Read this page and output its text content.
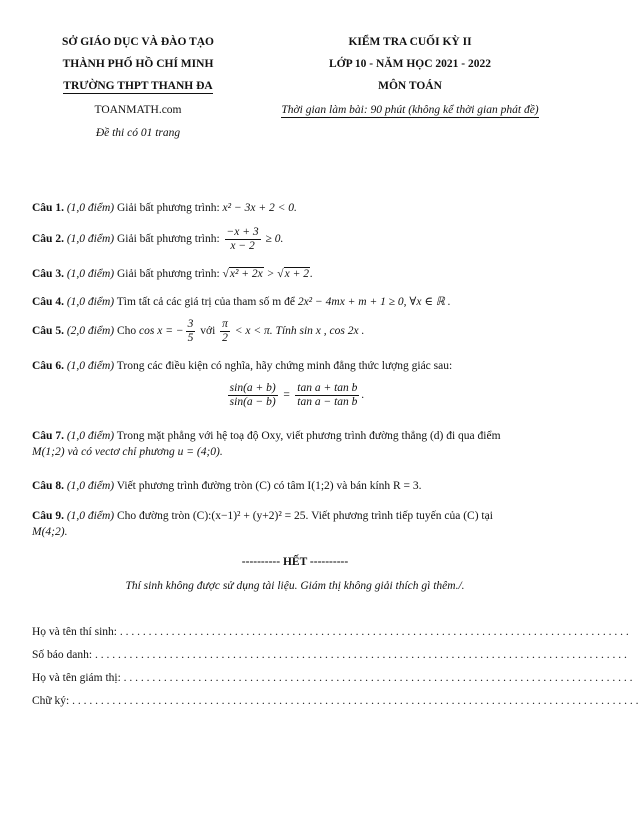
SỞ GIÁO DỤC VÀ ĐÀO TẠO
THÀNH PHỐ HỒ CHÍ MINH
TRƯỜNG THPT THANH ĐA
TOANMATH.com
Đề thi có 01 trang
KIỂM TRA CUỐI KỲ II
LỚP 10 - NĂM HỌC 2021 - 2022
MÔN TOÁN
Thời gian làm bài: 90 phút (không kể thời gian phát đề)
Câu 1. (1,0 điểm) Giải bất phương trình: x² − 3x + 2 < 0.
Câu 2. (1,0 điểm) Giải bất phương trình: $\frac{-x + 3}{x - 2} \ge 0$.
Câu 3. (1,0 điểm) Giải bất phương trình: √x² + 2x > √x + 2.
Câu 4. (1,0 điểm) Tìm tất cả các giá trị của tham số m để 2x² − 4mx + m + 1 ≥ 0, ∀x ∈ ℝ .
Câu 5. (2,0 điểm) Cho cos x = − $\frac{3}{5}$ với $\frac{\pi}{2} < x < \pi$. Tính sin x , cos 2x .
Câu 6. (1,0 điểm) Trong các điều kiện có nghĩa, hãy chứng minh đẳng thức lượng giác sau:
$\frac{\sin(a + b)}{\sin(a - b)} = \frac{\text{tan a + tan b}}{\text{tan a − tan b}}$ .
Câu 7. (1,0 điểm) Trong mặt phẳng với hệ toạ độ Oxy, viết phương trình đường thẳng (d) đi qua điểm
M(1;2) và có vectơ chỉ phương u = (4;0).
Câu 8. (1,0 điểm) Viết phương trình đường tròn (C) có tâm I(1;2) và bán kính R = 3.
Câu 9. (1,0 điểm) Cho đường tròn (C):(x−1)² + (y+2)² = 25. Viết phương trình tiếp tuyến của (C) tại
M(4;2).
---------- HẾT ----------
Thí sinh không được sử dụng tài liệu. Giám thị không giải thích gì thêm./.
Họ và tên thí sinh: . . . . . . . . . . . . . . . . . . . . . . . . . . . . . . . . . . . . . . . . . . . . . . . . . . . . . . . . . . . . . . . . . . . . . . . . . . . . . . . . . . . . . . . . .
Số báo danh: . . . . . . . . . . . . . . . . . . . . . . . . . . . . . . . . . . . . . . . . . . . . . . . . . . . . . . . . . . . . . . . . . . . . . . . . . . . . . . . . . . . . . . . . . . . . .
Họ và tên giám thị: . . . . . . . . . . . . . . . . . . . . . . . . . . . . . . . . . . . . . . . . . . . . . . . . . . . . . . . . . . . . . . . . . . . . . . . . . . . . . . . . . . . . . . . . .
Chữ ký: . . . . . . . . . . . . . . . . . . . . . . . . . . . . . . . . . . . . . . . . . . . . . . . . . . . . . . . . . . . . . . . . . . . . . . . . . . . . . . . . . . . . . . . . . . . . . . . . . . .
